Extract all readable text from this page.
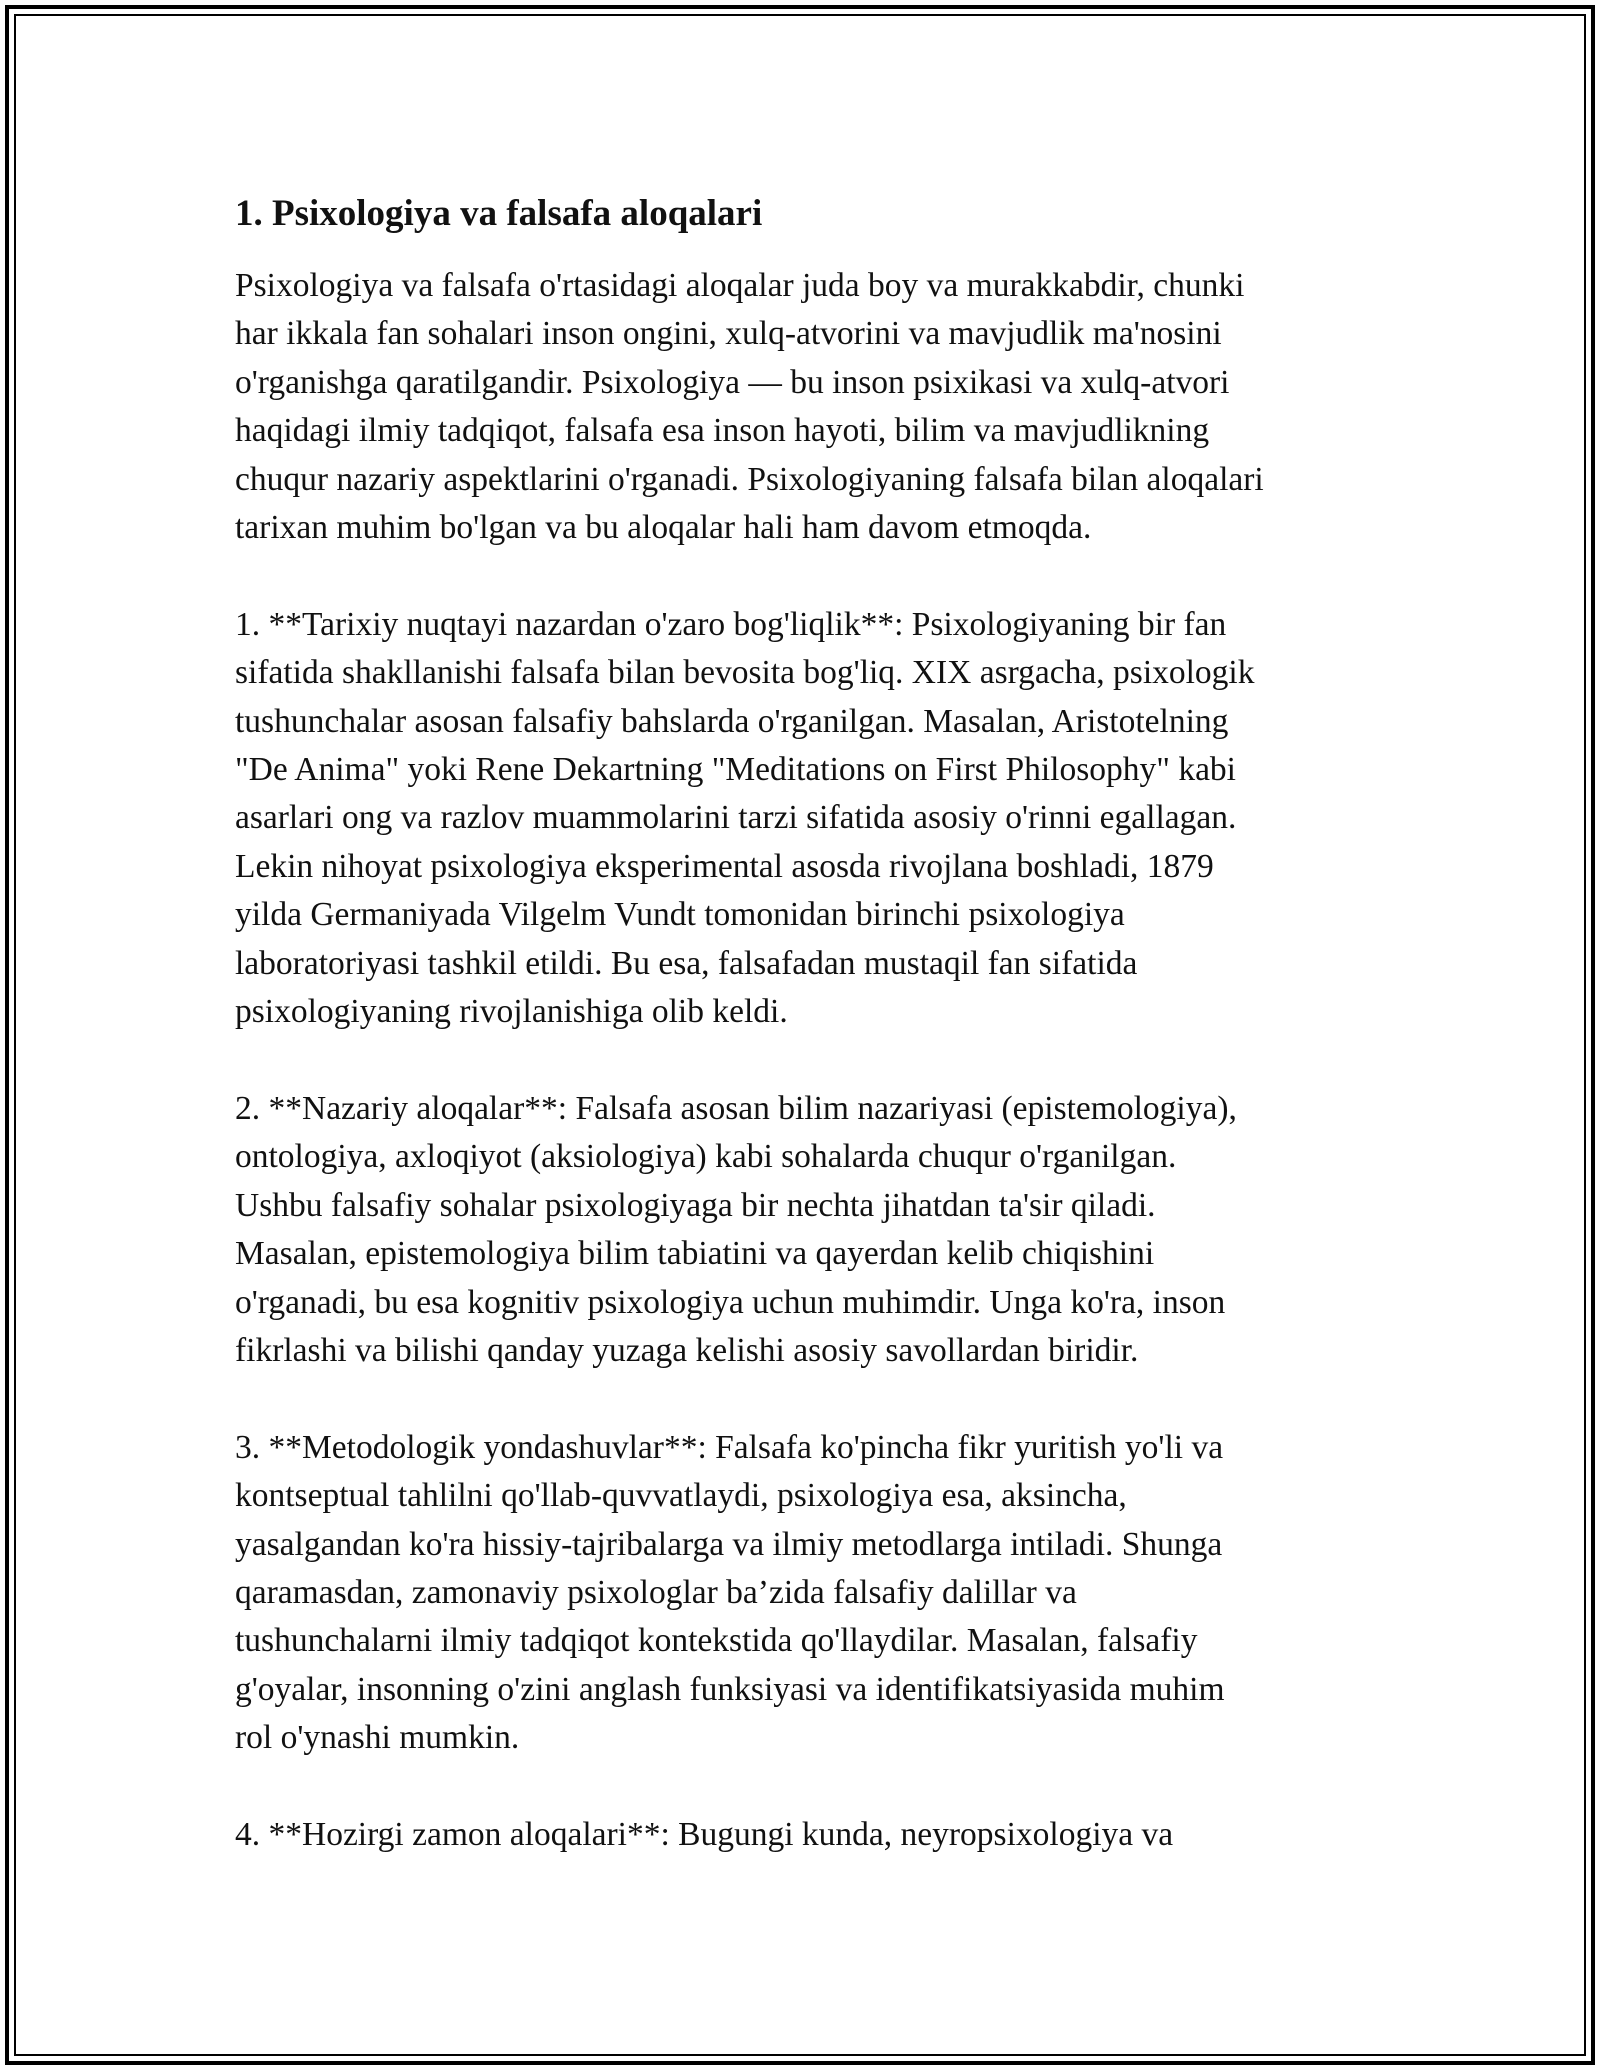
1. Psixologiya va falsafa aloqalari

Psixologiya va falsafa o'rtasidagi aloqalar juda boy va murakkabdir, chunki
har ikkala fan sohalari inson ongini, xulq-atvorini va mavjudlik ma'nosini
o'rganishga qaratilgandir. Psixologiya — bu inson psixikasi va xulq-atvori
haqidagi ilmiy tadqiqot, falsafa esa inson hayoti, bilim va mavjudlikning
chuqur nazariy aspektlarini o'rganadi. Psixologiyaning falsafa bilan aloqalari
tarixan muhim bo'lgan va bu aloqalar hali ham davom etmoqda.

1. **Tarixiy nuqtayi nazardan o'zaro bog'liqlik**: Psixologiyaning bir fan
sifatida shakllanishi falsafa bilan bevosita bog'liq. XIX asrgacha, psixologik
tushunchalar asosan falsafiy bahslarda o'rganilgan. Masalan, Aristotelning
"De Anima" yoki Rene Dekartning "Meditations on First Philosophy" kabi
asarlari ong va razlov muammolarini tarzi sifatida asosiy o'rinni egallagan.
Lekin nihoyat psixologiya eksperimental asosda rivojlana boshladi, 1879
yilda Germaniyada Vilgelm Vundt tomonidan birinchi psixologiya
laboratoriyasi tashkil etildi. Bu esa, falsafadan mustaqil fan sifatida
psixologiyaning rivojlanishiga olib keldi.

2. **Nazariy aloqalar**: Falsafa asosan bilim nazariyasi (epistemologiya),
ontologiya, axloqiyot (aksiologiya) kabi sohalarda chuqur o'rganilgan.
Ushbu falsafiy sohalar psixologiyaga bir nechta jihatdan ta'sir qiladi.
Masalan, epistemologiya bilim tabiatini va qayerdan kelib chiqishini
o'rganadi, bu esa kognitiv psixologiya uchun muhimdir. Unga ko'ra, inson
fikrlashi va bilishi qanday yuzaga kelishi asosiy savollardan biridir.

3. **Metodologik yondashuvlar**: Falsafa ko'pincha fikr yuritish yo'li va
kontseptual tahlilni qo'llab-quvvatlaydi, psixologiya esa, aksincha,
yasalgandan ko'ra hissiy-tajribalarga va ilmiy metodlarga intiladi. Shunga
qaramasdan, zamonaviy psixologlar ba’zida falsafiy dalillar va
tushunchalarni ilmiy tadqiqot kontekstida qo'llaydilar. Masalan, falsafiy
g'oyalar, insonning o'zini anglash funksiyasi va identifikatsiyasida muhim
rol o'ynashi mumkin.

4. **Hozirgi zamon aloqalari**: Bugungi kunda, neyropsixologiya va
